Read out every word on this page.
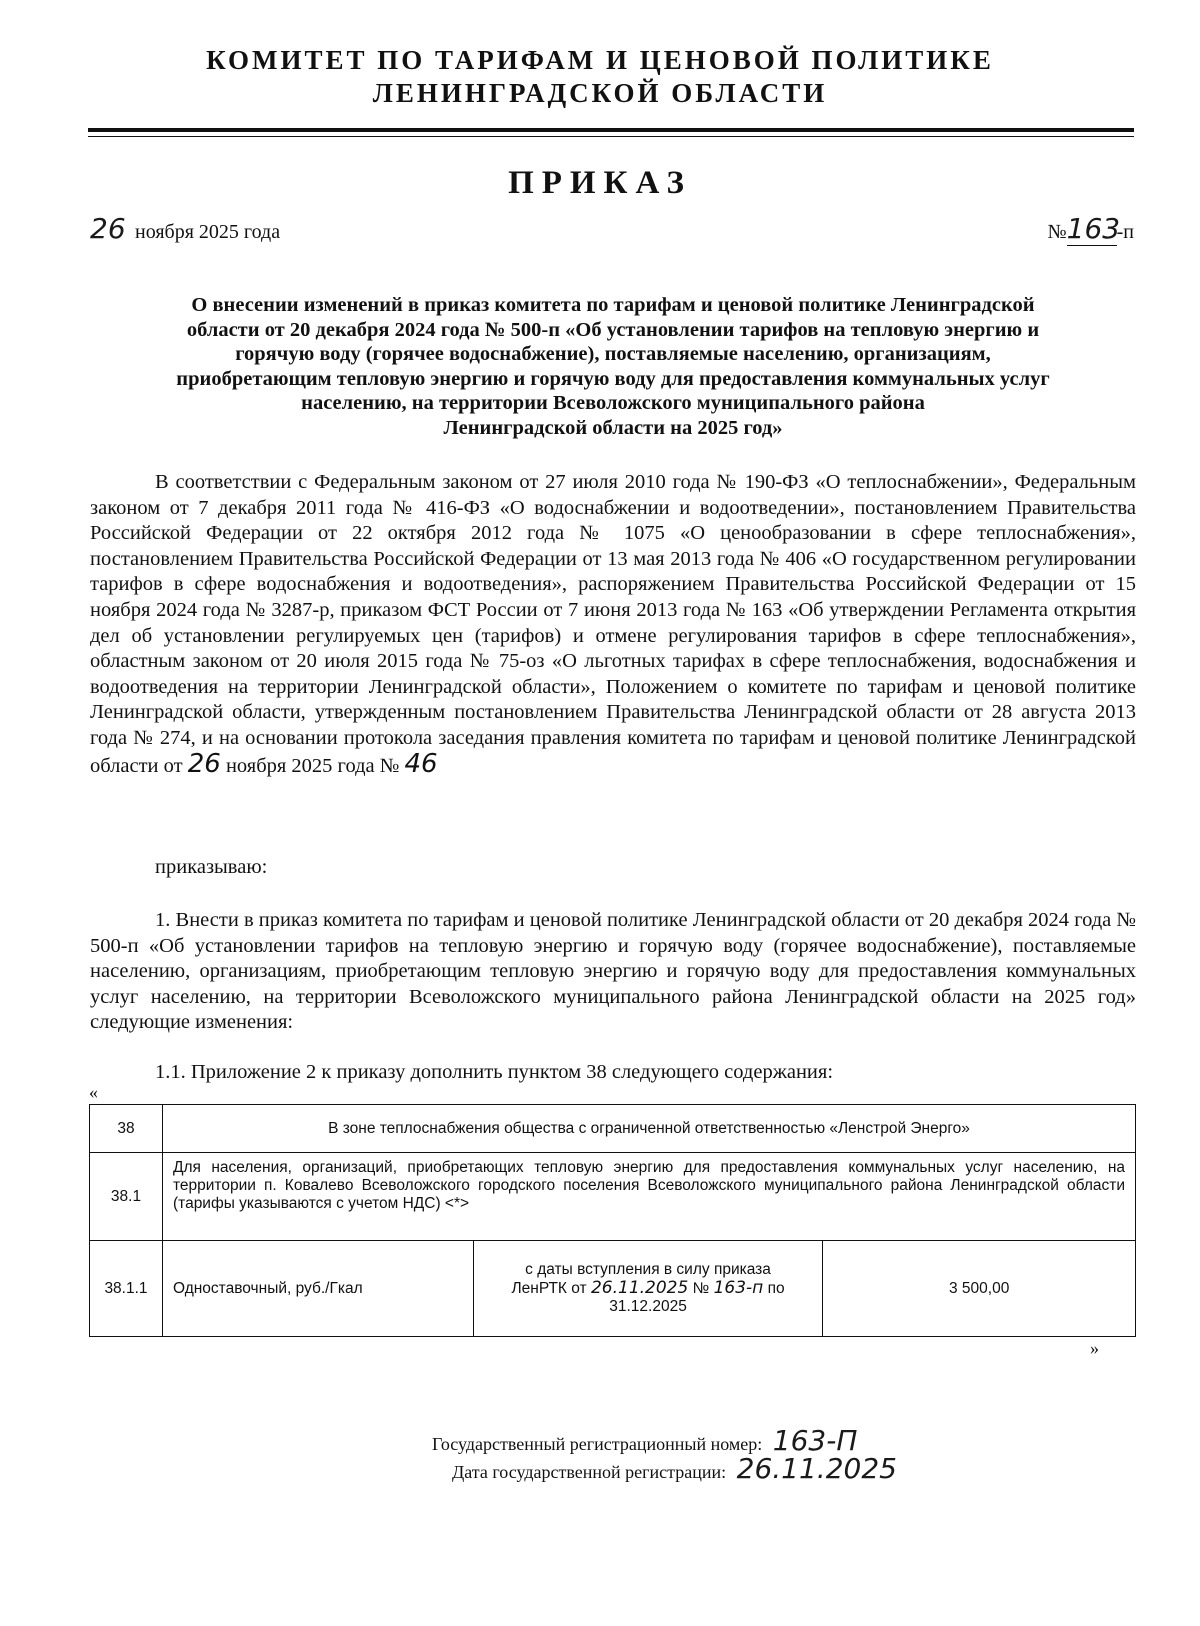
КОМИТЕТ ПО ТАРИФАМ И ЦЕНОВОЙ ПОЛИТИКЕ
ЛЕНИНГРАДСКОЙ ОБЛАСТИ
ПРИКАЗ
26 ноября 2025 года	№163-п
О внесении изменений в приказ комитета по тарифам и ценовой политике Ленинградской
области от 20 декабря 2024 года № 500-п «Об установлении тарифов на тепловую энергию и
горячую воду (горячее водоснабжение), поставляемые населению, организациям,
приобретающим тепловую энергию и горячую воду для предоставления коммунальных услуг
населению, на территории Всеволожского муниципального района
Ленинградской области на 2025 год»
В соответствии с Федеральным законом от 27 июля 2010 года № 190-ФЗ «О теплоснабжении», Федеральным законом от 7 декабря 2011 года № 416-ФЗ «О водоснабжении и водоотведении», постановлением Правительства Российской Федерации от 22 октября 2012 года № 1075 «О ценообразовании в сфере теплоснабжения», постановлением Правительства Российской Федерации от 13 мая 2013 года № 406 «О государственном регулировании тарифов в сфере водоснабжения и водоотведения», распоряжением Правительства Российской Федерации от 15 ноября 2024 года № 3287-р, приказом ФСТ России от 7 июня 2013 года № 163 «Об утверждении Регламента открытия дел об установлении регулируемых цен (тарифов) и отмене регулирования тарифов в сфере теплоснабжения», областным законом от 20 июля 2015 года № 75-оз «О льготных тарифах в сфере теплоснабжения, водоснабжения и водоотведения на территории Ленинградской области», Положением о комитете по тарифам и ценовой политике Ленинградской области, утвержденным постановлением Правительства Ленинградской области от 28 августа 2013 года № 274, и на основании протокола заседания правления комитета по тарифам и ценовой политике Ленинградской области от 26 ноября 2025 года № 46
приказываю:
1. Внести в приказ комитета по тарифам и ценовой политике Ленинградской области от 20 декабря 2024 года № 500-п «Об установлении тарифов на тепловую энергию и горячую воду (горячее водоснабжение), поставляемые населению, организациям, приобретающим тепловую энергию и горячую воду для предоставления коммунальных услуг населению, на территории Всеволожского муниципального района Ленинградской области на 2025 год» следующие изменения:
1.1. Приложение 2 к приказу дополнить пунктом 38 следующего содержания:
«
38	В зоне теплоснабжения общества с ограниченной ответственностью «Ленстрой Энерго»		
38.1	Для населения, организаций, приобретающих тепловую энергию для предоставления коммунальных услуг населению, на территории п. Ковалево Всеволожского городского поселения Всеволожского муниципального района Ленинградской области (тарифы указываются с учетом НДС) <*>		
38.1.1	Одноставочный, руб./Гкал	с даты вступления в силу приказа
ЛенРТК от 26.11.2025 № 163-п по
31.12.2025	3 500,00
»
Государственный регистрационный номер: 163-П
Дата государственной регистрации: 26.11.2025
